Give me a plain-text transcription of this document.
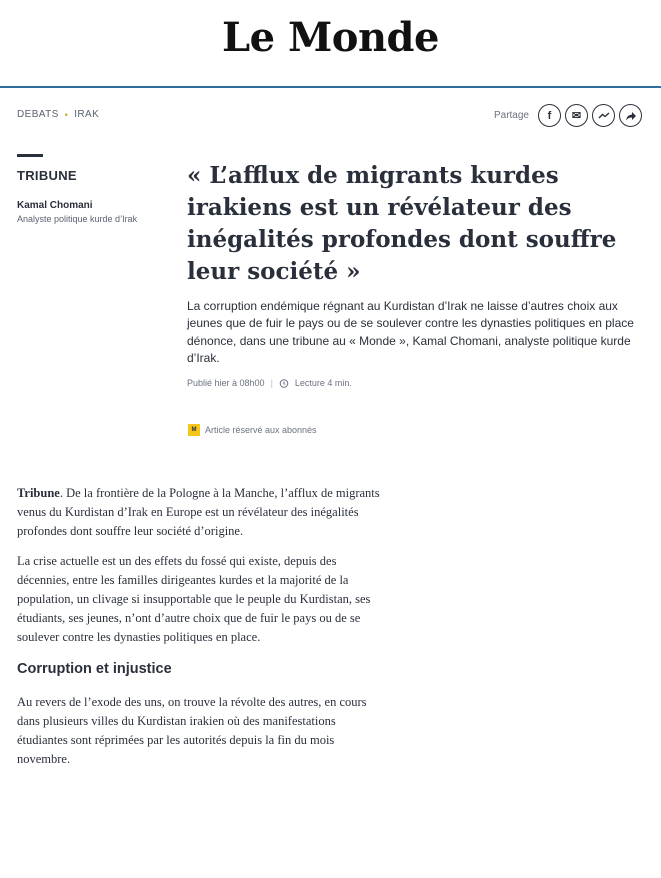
Le Monde
DEBATS • IRAK	Partage f ✉
TRIBUNE
Kamal Chomani
Analyste politique kurde d’Irak
« L’afflux de migrants kurdes irakiens est un révélateur des inégalités profondes dont souffre leur société »

La corruption endémique régnant au Kurdistan d’Irak ne laisse d’autres choix aux jeunes que de fuir le pays ou de se soulever contre les dynasties politiques en place dénonce, dans une tribune au « Monde », Kamal Chomani, analyste politique kurde d’Irak.

Publié hier à 08h00 | Lecture 4 min.
M Article réservé aux abonnés

Tribune. De la frontière de la Pologne à la Manche, l’afflux de migrants venus du Kurdistan d’Irak en Europe est un révélateur des inégalités profondes dont souffre leur société d’origine.

La crise actuelle est un des effets du fossé qui existe, depuis des décennies, entre les familles dirigeantes kurdes et la majorité de la population, un clivage si insupportable que le peuple du Kurdistan, ses étudiants, ses jeunes, n’ont d’autre choix que de fuir le pays ou de se soulever contre les dynasties politiques en place.

Corruption et injustice

Au revers de l’exode des uns, on trouve la révolte des autres, en cours dans plusieurs villes du Kurdistan irakien où des manifestations étudiantes sont réprimées par les autorités depuis la fin du mois novembre.
